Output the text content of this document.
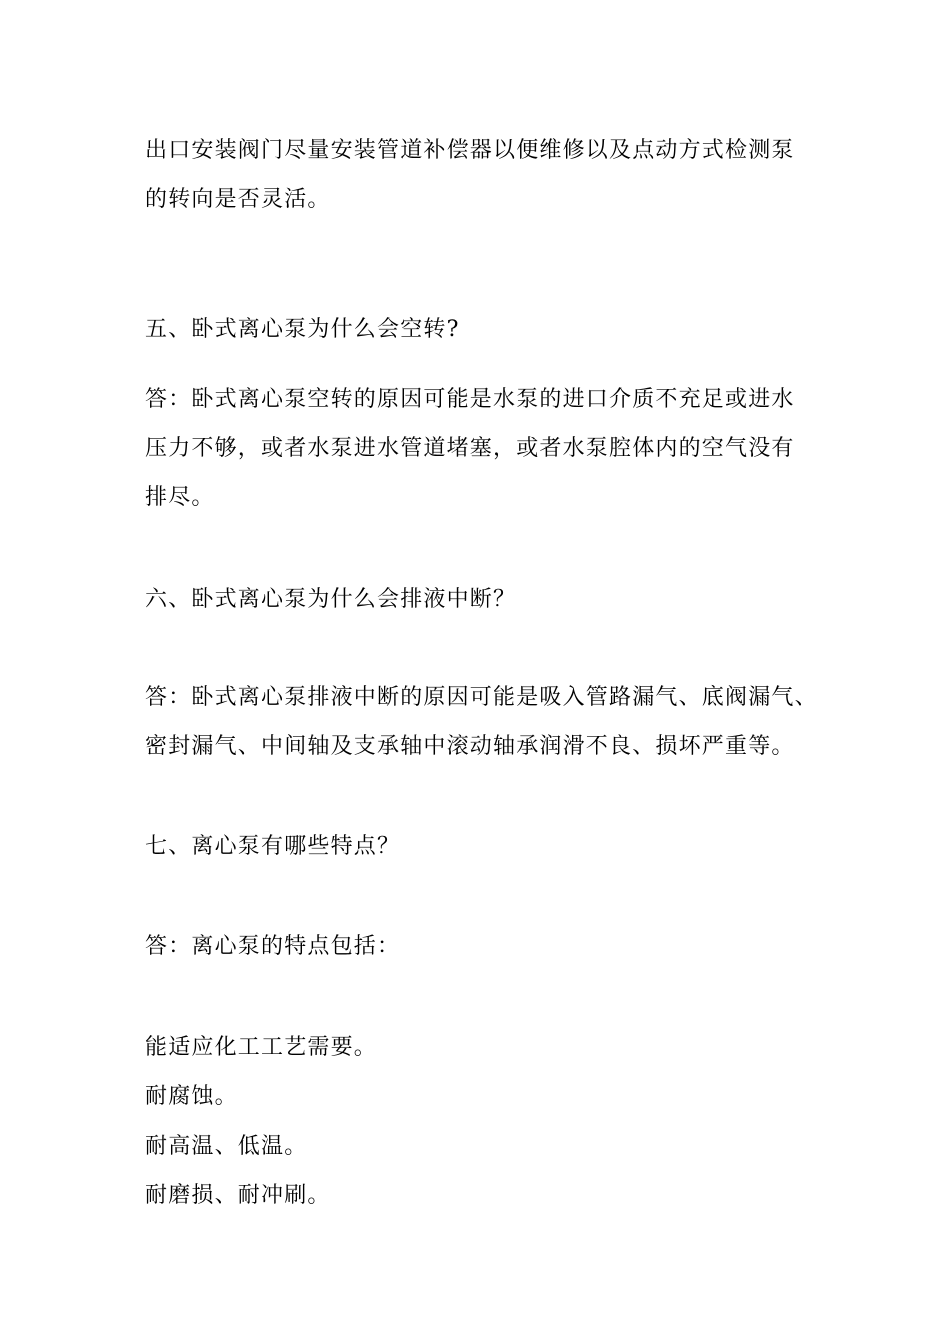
出口安装阀门尽量安装管道补偿器以便维修以及点动方式检测泵
的转向是否灵活。
五、卧式离心泵为什么会空转?
答：卧式离心泵空转的原因可能是水泵的进口介质不充足或进水
压力不够，或者水泵进水管道堵塞，或者水泵腔体内的空气没有
排尽。
六、卧式离心泵为什么会排液中断？
答：卧式离心泵排液中断的原因可能是吸入管路漏气、底阀漏气、
密封漏气、中间轴及支承轴中滚动轴承润滑不良、损坏严重等。
七、离心泵有哪些特点？
答：离心泵的特点包括：
能适应化工工艺需要。
耐腐蚀。
耐高温、低温。
耐磨损、耐冲刷。
